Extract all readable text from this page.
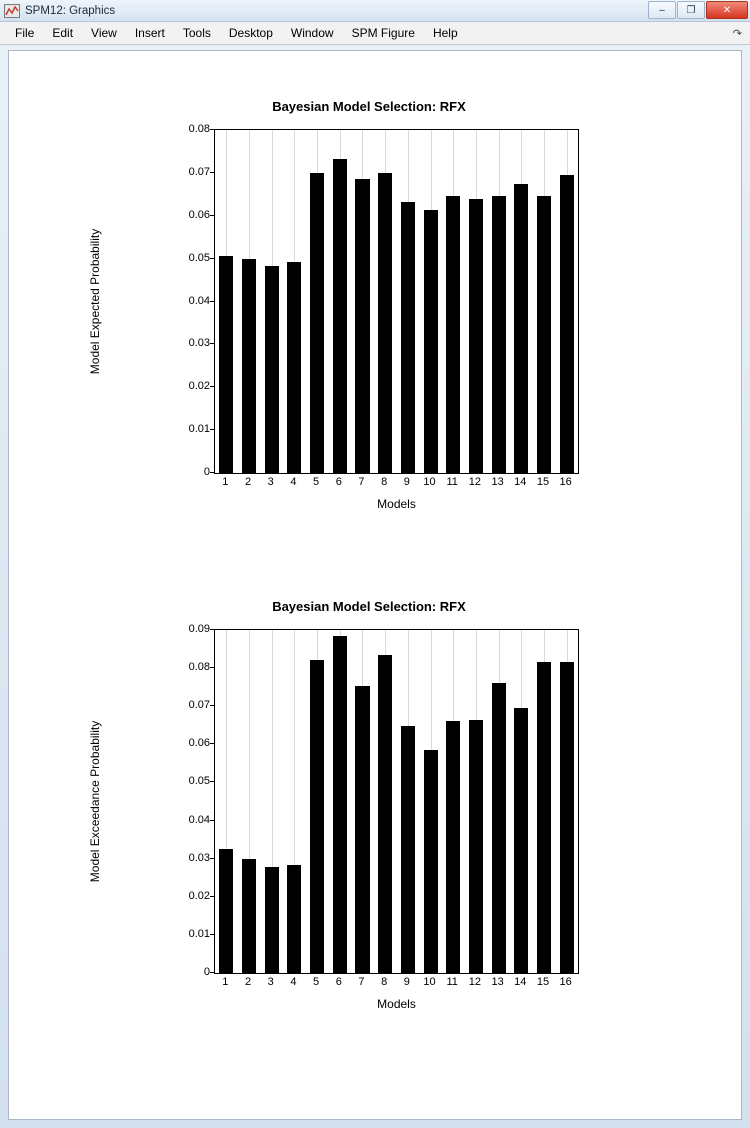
SPM12: Graphics	–	❐	✕
File	Edit	View	Insert	Tools	Desktop	Window	SPM Figure	Help	↷
Bayesian Model Selection: RFX
Model Expected Probability
0
0.01
0.02
0.03
0.04
0.05
0.06
0.07
0.08
1 2 3 4 5 6 7 8 9 10 11 12 13 14 15 16
Models
Bayesian Model Selection: RFX
Model Exceedance Probability
0
0.01
0.02
0.03
0.04
0.05
0.06
0.07
0.08
0.09
1 2 3 4 5 6 7 8 9 10 11 12 13 14 15 16
Models
